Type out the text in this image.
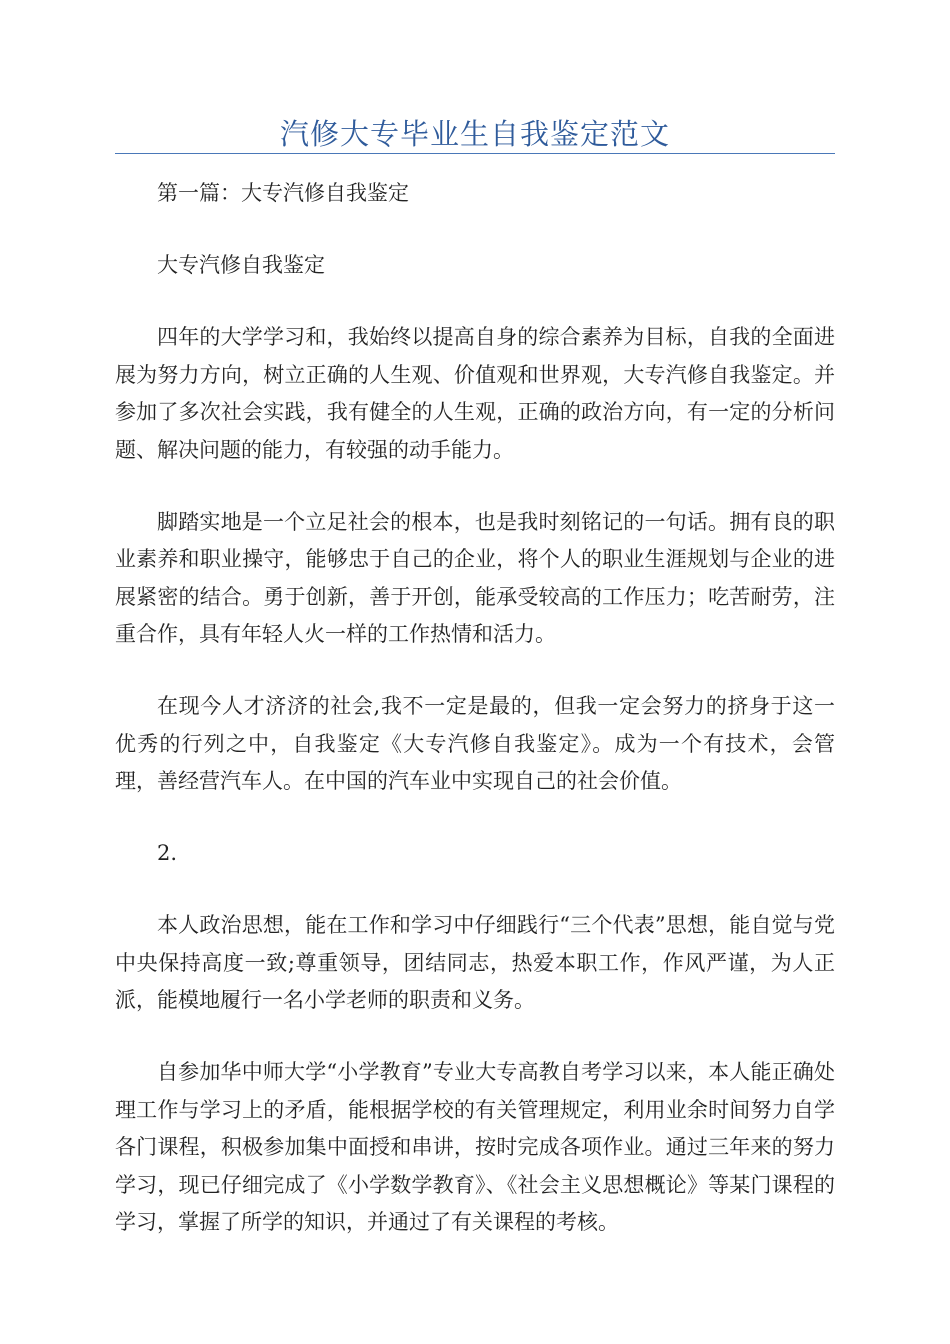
汽修大专毕业生自我鉴定范文

第一篇：大专汽修自我鉴定

大专汽修自我鉴定

四年的大学学习和，我始终以提高自身的综合素养为目标，自我的全面进展为努力方向，树立正确的人生观、价值观和世界观，大专汽修自我鉴定。并参加了多次社会实践，我有健全的人生观，正确的政治方向，有一定的分析问题、解决问题的能力，有较强的动手能力。

脚踏实地是一个立足社会的根本，也是我时刻铭记的一句话。拥有良的职业素养和职业操守，能够忠于自己的企业，将个人的职业生涯规划与企业的进展紧密的结合。勇于创新，善于开创，能承受较高的工作压力；吃苦耐劳，注重合作，具有年轻人火一样的工作热情和活力。

在现今人才济济的社会,我不一定是最的，但我一定会努力的挤身于这一优秀的行列之中，自我鉴定《大专汽修自我鉴定》。成为一个有技术，会管理，善经营汽车人。在中国的汽车业中实现自己的社会价值。

2.

本人政治思想，能在工作和学习中仔细践行“三个代表”思想，能自觉与党中央保持高度一致;尊重领导，团结同志，热爱本职工作，作风严谨，为人正派，能模地履行一名小学老师的职责和义务。

自参加华中师大学“小学教育”专业大专高教自考学习以来，本人能正确处理工作与学习上的矛盾，能根据学校的有关管理规定，利用业余时间努力自学各门课程，积极参加集中面授和串讲，按时完成各项作业。通过三年来的努力学习，现已仔细完成了《小学数学教育》、《社会主义思想概论》等某门课程的学习，掌握了所学的知识，并通过了有关课程的考核。
